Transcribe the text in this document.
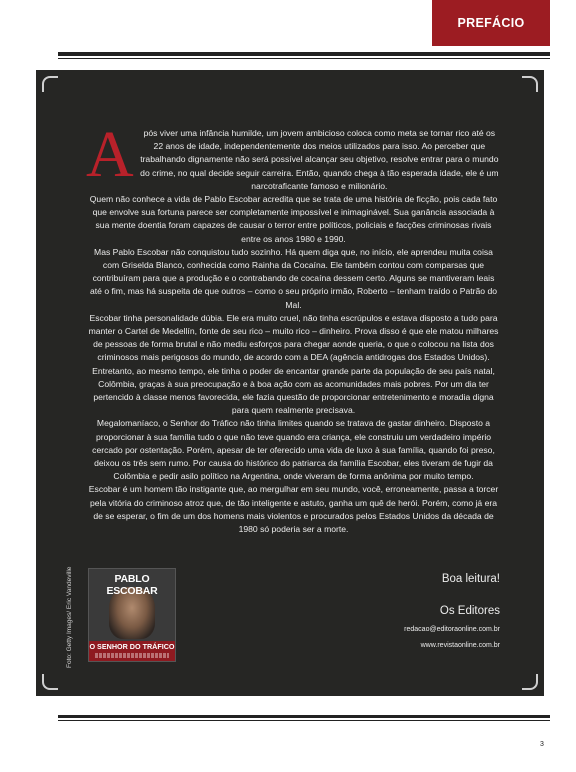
PREFÁCIO

A pós viver uma infância humilde, um jovem ambicioso coloca como meta se tornar rico até os 22 anos de idade, independentemente dos meios utilizados para isso. Ao perceber que trabalhando dignamente não será possível alcançar seu objetivo, resolve entrar para o mundo do crime, no qual decide seguir carreira. Então, quando chega à tão esperada idade, ele é um narcotraficante famoso e milionário.

Quem não conhece a vida de Pablo Escobar acredita que se trata de uma história de ficção, pois cada fato que envolve sua fortuna parece ser completamente impossível e inimaginável. Sua ganância associada à sua mente doentia foram capazes de causar o terror entre políticos, policiais e facções criminosas rivais entre os anos 1980 e 1990.

Mas Pablo Escobar não conquistou tudo sozinho. Há quem diga que, no início, ele aprendeu muita coisa com Griselda Blanco, conhecida como Rainha da Cocaína. Ele também contou com comparsas que contribuíram para que a produção e o contrabando de cocaína dessem certo. Alguns se mantiveram leais até o fim, mas há suspeita de que outros – como o seu próprio irmão, Roberto – tenham traído o Patrão do Mal.

Escobar tinha personalidade dúbia. Ele era muito cruel, não tinha escrúpulos e estava disposto a tudo para manter o Cartel de Medellín, fonte de seu rico – muito rico – dinheiro. Prova disso é que ele matou milhares de pessoas de forma brutal e não mediu esforços para chegar aonde queria, o que o colocou na lista dos criminosos mais perigosos do mundo, de acordo com a DEA (agência antidrogas dos Estados Unidos).

Entretanto, ao mesmo tempo, ele tinha o poder de encantar grande parte da população de seu país natal, Colômbia, graças à sua preocupação e à boa ação com as acomunidades mais pobres. Por um dia ter pertencido à classe menos favorecida, ele fazia questão de proporcionar entretenimento e moradia digna para quem realmente precisava.

Megalomaníaco, o Senhor do Tráfico não tinha limites quando se tratava de gastar dinheiro. Disposto a proporcionar à sua família tudo o que não teve quando era criança, ele construiu um verdadeiro império cercado por ostentação. Porém, apesar de ter oferecido uma vida de luxo à sua família, quando foi preso, deixou os três sem rumo. Por causa do histórico do patriarca da família Escobar, eles tiveram de fugir da Colômbia e pedir asilo político na Argentina, onde viveram de forma anônima por muito tempo.

Escobar é um homem tão instigante que, ao mergulhar em seu mundo, você, erroneamente, passa a torcer pela vitória do criminoso atroz que, de tão inteligente e astuto, ganha um quê de herói. Porém, como já era de se esperar, o fim de um dos homens mais violentos e procurados pelos Estados Unidos da década de 1980 só poderia ser a morte.

PABLO ESCOBAR
O SENHOR DO TRÁFICO
Foto: Getty Images/ Eric Vandeville	Boa leitura!
Os Editores
redacao@editoraonline.com.br
www.revistaonline.com.br
3
